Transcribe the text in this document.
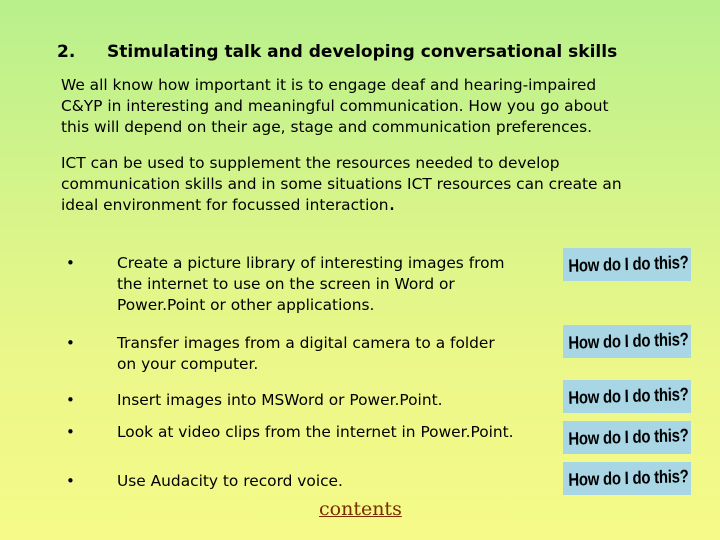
2.	Stimulating talk and developing conversational skills

We all know how important it is to engage deaf and hearing-impaired
C&YP in interesting and meaningful communication. How you go about
this will depend on their age, stage and communication preferences.

ICT can be used to supplement the resources needed to develop
communication skills and in some situations ICT resources can create an
ideal environment for focussed interaction.

•	Create a picture library of interesting images from
the internet to use on the screen in Word or
Power.Point or other applications.
How do I do this?
•	Transfer images from a digital camera to a folder
on your computer.
How do I do this?
•	Insert images into MSWord or Power.Point.	How do I do this?
•	Look at video clips from the internet in Power.Point.	How do I do this?
•	Use Audacity to record voice.	How do I do this?
contents
